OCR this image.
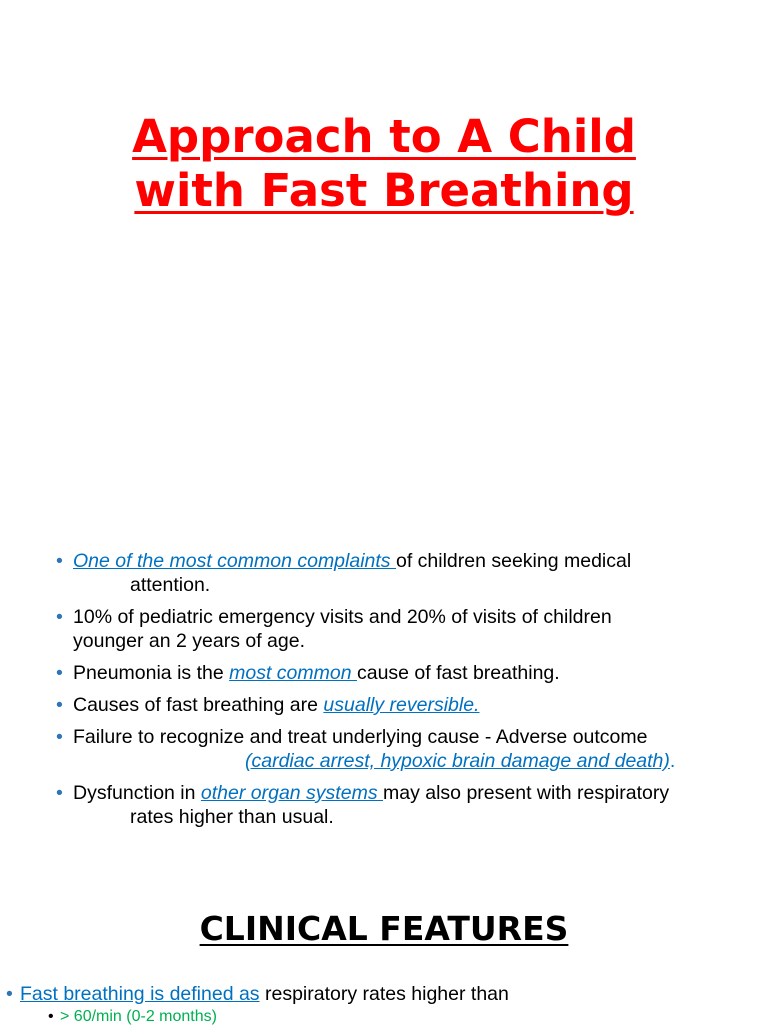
Approach to A Child
with Fast Breathing
• One of the most common complaints of children seeking medical
attention.
• 10% of pediatric emergency visits and 20% of visits of children
younger an 2 years of age.
• Pneumonia is the most common cause of fast breathing.
• Causes of fast breathing are usually reversible.
• Failure to recognize and treat underlying cause - Adverse outcome
(cardiac arrest, hypoxic brain damage and death).
• Dysfunction in other organ systems may also present with respiratory
rates higher than usual.
CLINICAL FEATURES
• Fast breathing is defined as respiratory rates higher than
• > 60/min (0-2 months)
